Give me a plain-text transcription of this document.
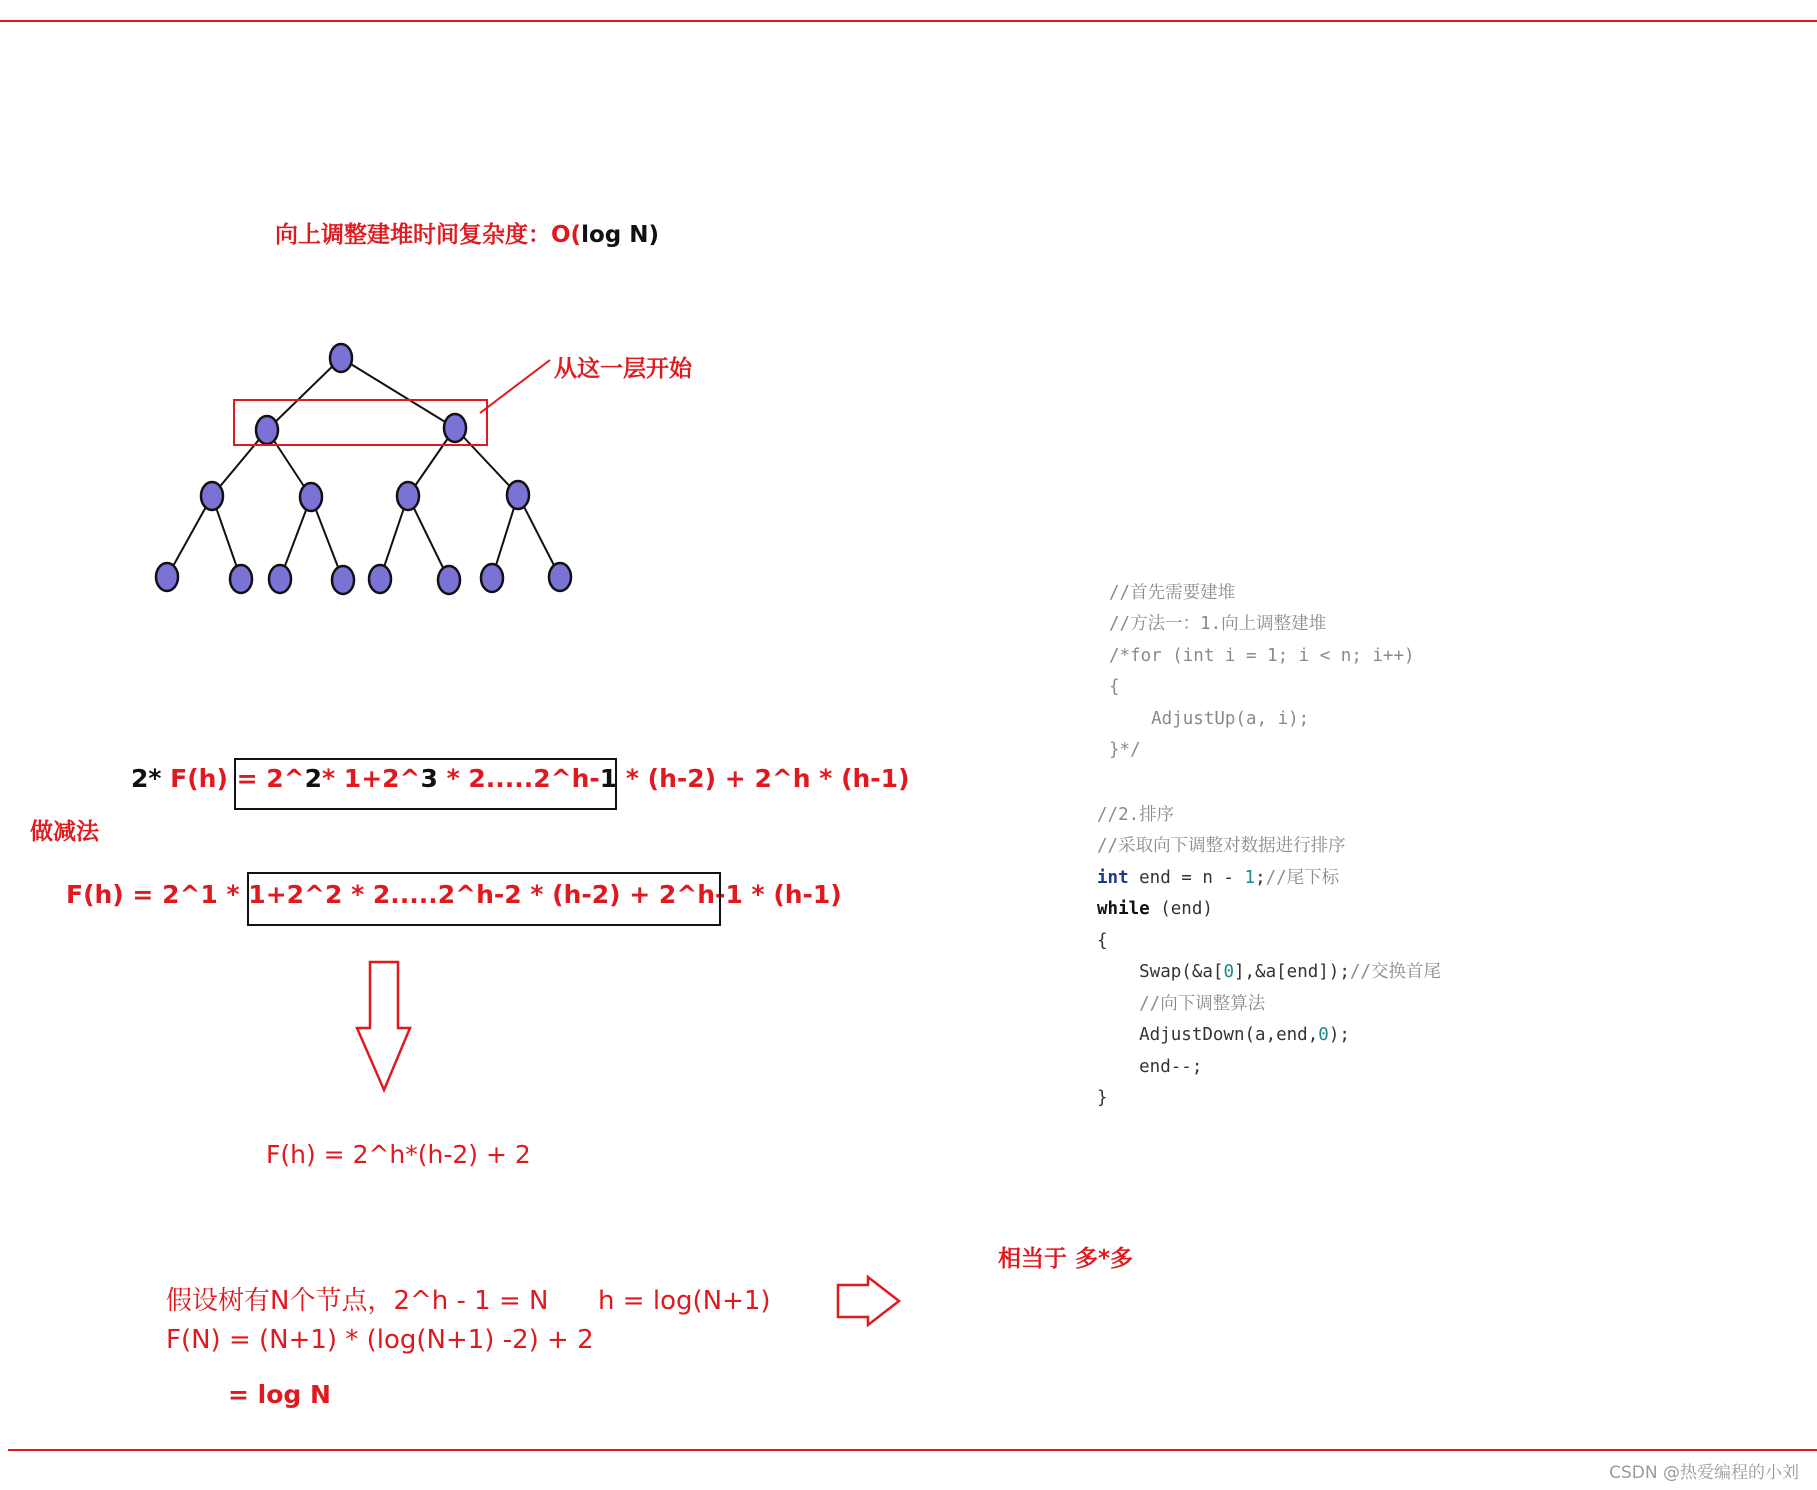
向上调整建堆时间复杂度：O(log N)
从这一层开始
2* F(h) = 2^2* 1+2^3 * 2.....2^h-1 * (h-2) + 2^h * (h-1)
做减法
F(h) = 2^1 * 1+2^2 * 2.....2^h-2 * (h-2) + 2^h-1 * (h-1)
F(h) = 2^h*(h-2) + 2
假设树有N个节点，2^h - 1 = N      h = log(N+1)
F(N) = (N+1) * (log(N+1) -2) + 2
= log N
相当于 多*多

//首先需要建堆
//方法一：1.向上调整建堆
/*for (int i = 1; i < n; i++)
{
AdjustUp(a, i);
}*/

//2.排序
//采取向下调整对数据进行排序
int end = n - 1;//尾下标
while (end)
{
Swap(&a[0],&a[end]);//交换首尾
//向下调整算法
AdjustDown(a,end,0);
end--;
}

CSDN @热爱编程的小刘
